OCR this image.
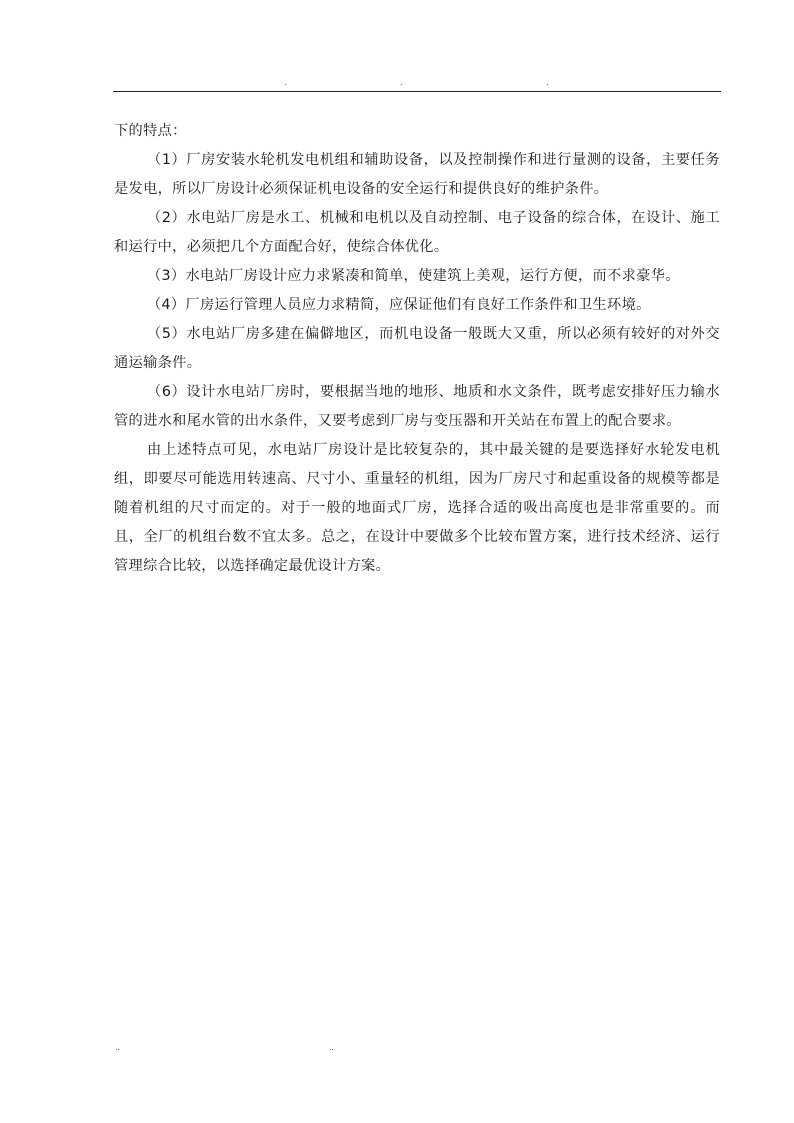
.	.	.

下的特点：

（1）厂房安装水轮机发电机组和辅助设备，以及控制操作和进行量测的设备，主要任务是发电，所以厂房设计必须保证机电设备的安全运行和提供良好的维护条件。

（2）水电站厂房是水工、机械和电机以及自动控制、电子设备的综合体，在设计、施工和运行中，必须把几个方面配合好，使综合体优化。

（3）水电站厂房设计应力求紧凑和简单，使建筑上美观，运行方便，而不求豪华。

（4）厂房运行管理人员应力求精简，应保证他们有良好工作条件和卫生环境。

（5）水电站厂房多建在偏僻地区，而机电设备一般既大又重，所以必须有较好的对外交通运输条件。

（6）设计水电站厂房时，要根据当地的地形、地质和水文条件，既考虑安排好压力输水管的进水和尾水管的出水条件，又要考虑到厂房与变压器和开关站在布置上的配合要求。

由上述特点可见，水电站厂房设计是比较复杂的，其中最关键的是要选择好水轮发电机组，即要尽可能选用转速高、尺寸小、重量轻的机组，因为厂房尺寸和起重设备的规模等都是随着机组的尺寸而定的。对于一般的地面式厂房，选择合适的吸出高度也是非常重要的。而且，全厂的机组台数不宜太多。总之，在设计中要做多个比较布置方案，进行技术经济、运行管理综合比较，以选择确定最优设计方案。

..	..
